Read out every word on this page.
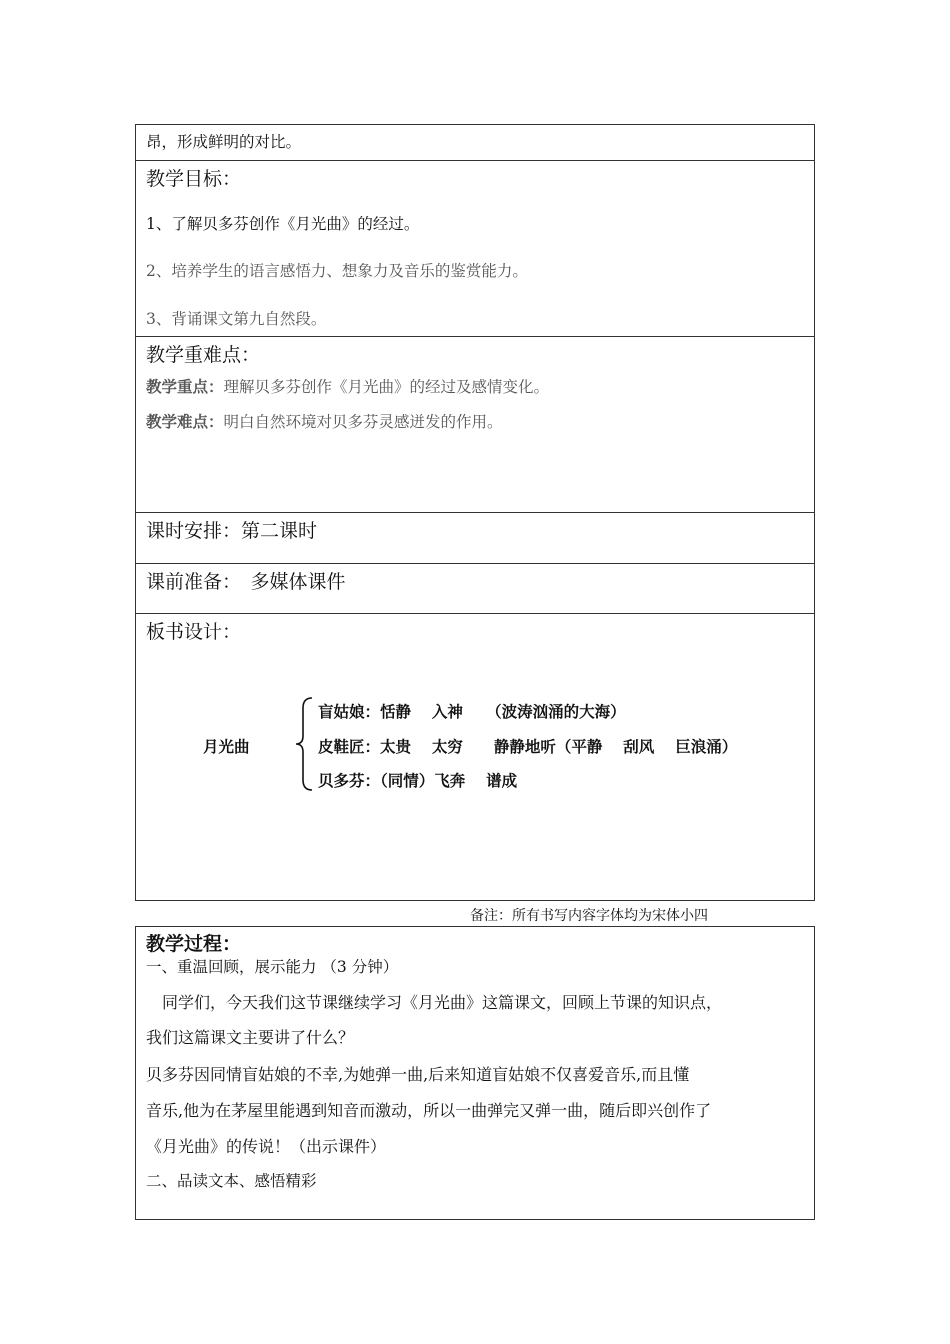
昂，形成鲜明的对比。
教学目标：
1、了解贝多芬创作《月光曲》的经过。
2、培养学生的语言感悟力、想象力及音乐的鉴赏能力。
3、背诵课文第九自然段。
教学重难点：
教学重点：理解贝多芬创作《月光曲》的经过及感情变化。
教学难点：明白自然环境对贝多芬灵感迸发的作用。
课时安排：第二课时
课前准备：　多媒体课件
板书设计：
月光曲
盲姑娘：恬静　 入神　　（波涛汹涌的大海）
皮鞋匠：太贵　 太穷　　静静地听（平静　 刮风　 巨浪涌）
贝多芬：（同情）飞奔　 谱成
备注：所有书写内容字体均为宋体小四
教学过程：
一、重温回顾，展示能力 （3 分钟）
　同学们，今天我们这节课继续学习《月光曲》这篇课文，回顾上节课的知识点，
我们这篇课文主要讲了什么？
贝多芬因同情盲姑娘的不幸,为她弹一曲,后来知道盲姑娘不仅喜爱音乐,而且懂
音乐,他为在茅屋里能遇到知音而激动，所以一曲弹完又弹一曲，随后即兴创作了
《月光曲》的传说！（出示课件）
二、品读文本、感悟精彩
